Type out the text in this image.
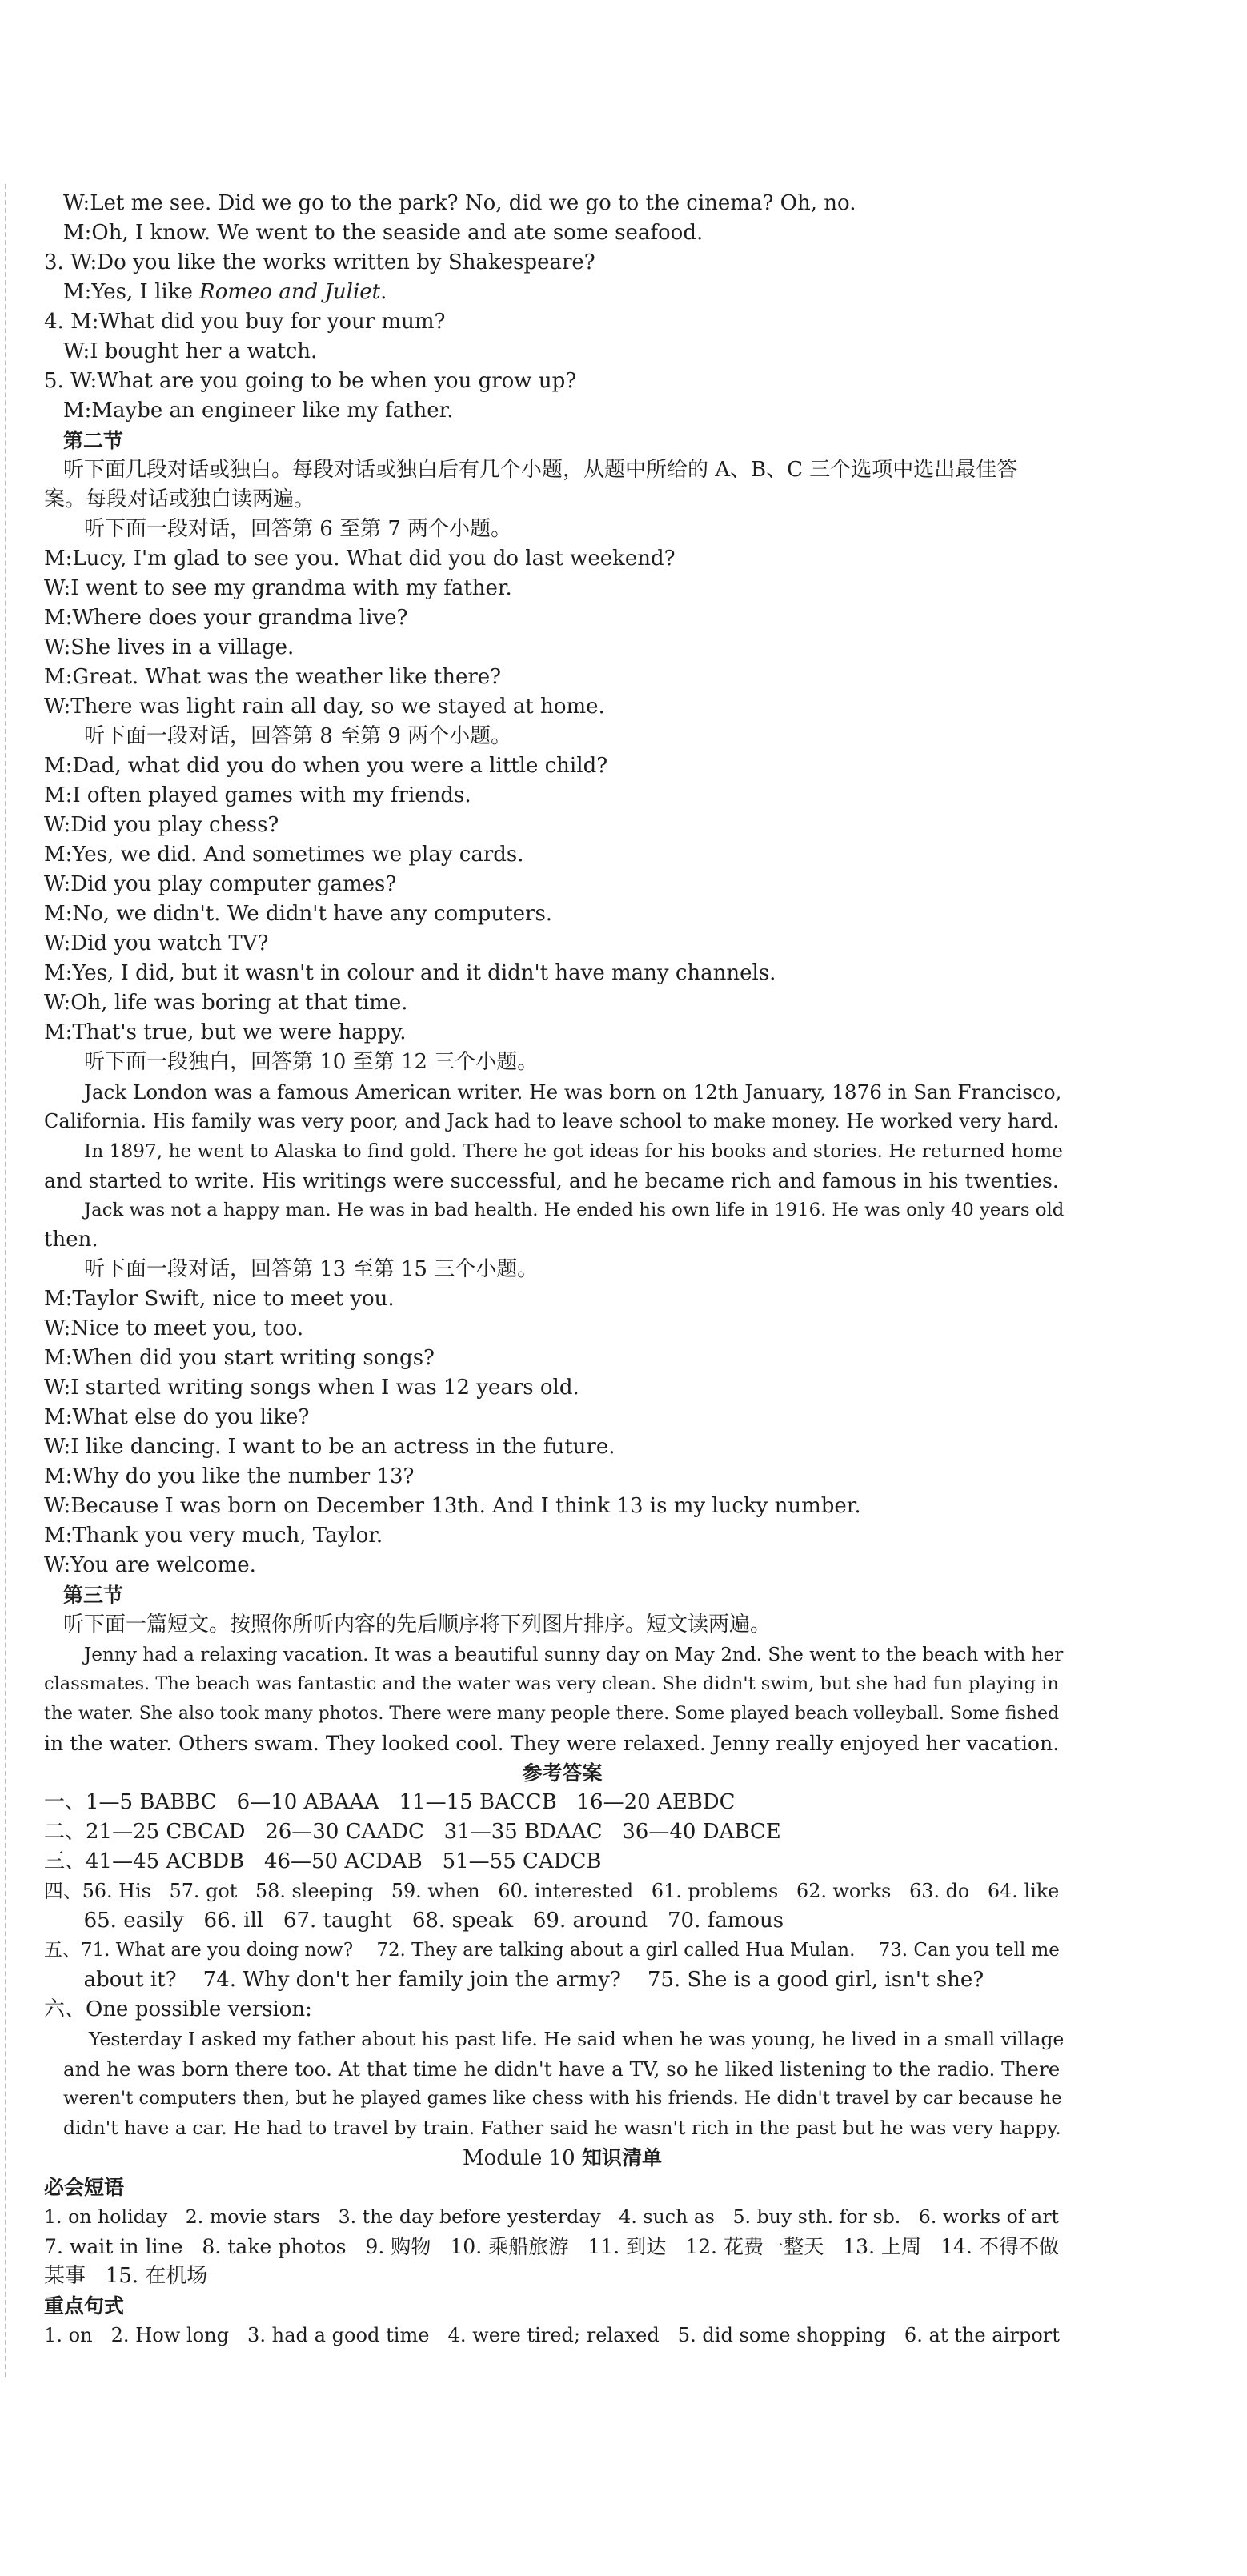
W:Let me see. Did we go to the park? No, did we go to the cinema? Oh, no.
M:Oh, I know. We went to the seaside and ate some seafood.
3. W:Do you like the works written by Shakespeare?
M:Yes, I like Romeo and Juliet.
4. M:What did you buy for your mum?
W:I bought her a watch.
5. W:What are you going to be when you grow up?
M:Maybe an engineer like my father.
第二节
听下面几段对话或独白。每段对话或独白后有几个小题，从题中所给的 A、B、C 三个选项中选出最佳答
案。每段对话或独白读两遍。
听下面一段对话，回答第 6 至第 7 两个小题。
M:Lucy, I'm glad to see you. What did you do last weekend?
W:I went to see my grandma with my father.
M:Where does your grandma live?
W:She lives in a village.
M:Great. What was the weather like there?
W:There was light rain all day, so we stayed at home.
听下面一段对话，回答第 8 至第 9 两个小题。
M:Dad, what did you do when you were a little child?
M:I often played games with my friends.
W:Did you play chess?
M:Yes, we did. And sometimes we play cards.
W:Did you play computer games?
M:No, we didn't. We didn't have any computers.
W:Did you watch TV?
M:Yes, I did, but it wasn't in colour and it didn't have many channels.
W:Oh, life was boring at that time.
M:That's true, but we were happy.
听下面一段独白，回答第 10 至第 12 三个小题。
Jack London was a famous American writer. He was born on 12th January, 1876 in San Francisco,
California. His family was very poor, and Jack had to leave school to make money. He worked very hard.
In 1897, he went to Alaska to find gold. There he got ideas for his books and stories. He returned home
and started to write. His writings were successful, and he became rich and famous in his twenties.
Jack was not a happy man. He was in bad health. He ended his own life in 1916. He was only 40 years old
then.
听下面一段对话，回答第 13 至第 15 三个小题。
M:Taylor Swift, nice to meet you.
W:Nice to meet you, too.
M:When did you start writing songs?
W:I started writing songs when I was 12 years old.
M:What else do you like?
W:I like dancing. I want to be an actress in the future.
M:Why do you like the number 13?
W:Because I was born on December 13th. And I think 13 is my lucky number.
M:Thank you very much, Taylor.
W:You are welcome.
第三节
听下面一篇短文。按照你所听内容的先后顺序将下列图片排序。短文读两遍。
Jenny had a relaxing vacation. It was a beautiful sunny day on May 2nd. She went to the beach with her
classmates. The beach was fantastic and the water was very clean. She didn't swim, but she had fun playing in
the water. She also took many photos. There were many people there. Some played beach volleyball. Some fished
in the water. Others swam. They looked cool. They were relaxed. Jenny really enjoyed her vacation.
参考答案
一、1—5 BABBC   6—10 ABAAA   11—15 BACCB   16—20 AEBDC
二、21—25 CBCAD   26—30 CAADC   31—35 BDAAC   36—40 DABCE
三、41—45 ACBDB   46—50 ACDAB   51—55 CADCB
四、56. His   57. got   58. sleeping   59. when   60. interested   61. problems   62. works   63. do   64. like
65. easily   66. ill   67. taught   68. speak   69. around   70. famous
五、71. What are you doing now?    72. They are talking about a girl called Hua Mulan.    73. Can you tell me
about it?    74. Why don't her family join the army?    75. She is a good girl, isn't she?
六、One possible version:
Yesterday I asked my father about his past life. He said when he was young, he lived in a small village
and he was born there too. At that time he didn't have a TV, so he liked listening to the radio. There
weren't computers then, but he played games like chess with his friends. He didn't travel by car because he
didn't have a car. He had to travel by train. Father said he wasn't rich in the past but he was very happy.
Module 10 知识清单
必会短语
1. on holiday   2. movie stars   3. the day before yesterday   4. such as   5. buy sth. for sb.   6. works of art
7. wait in line   8. take photos   9. 购物   10. 乘船旅游   11. 到达   12. 花费一整天   13. 上周   14. 不得不做
某事   15. 在机场
重点句式
1. on   2. How long   3. had a good time   4. were tired; relaxed   5. did some shopping   6. at the airport
